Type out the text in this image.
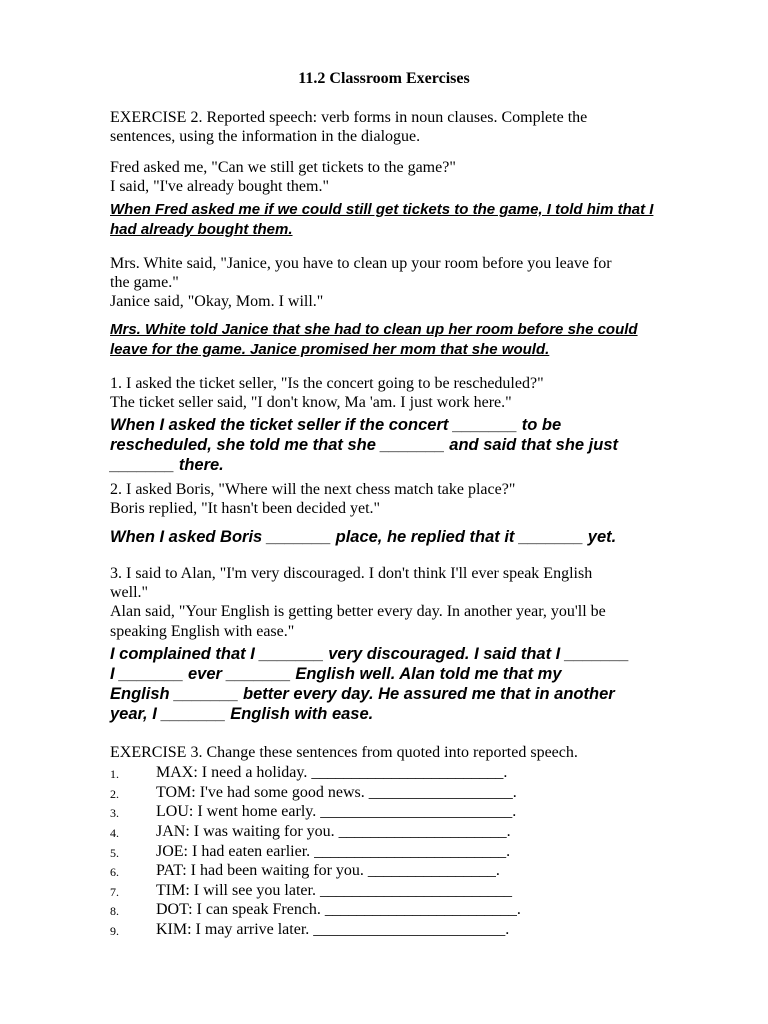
11.2 Classroom Exercises

EXERCISE 2. Reported speech: verb forms in noun clauses. Complete the

sentences, using the information in the dialogue.

Fred asked me, "Can we still get tickets to the game?"

I said, "I've already bought them."

When Fred asked me if we could still get tickets to the game, I told him that I

had already bought them.

Mrs. White said, "Janice, you have to clean up your room before you leave for

the game."

Janice said, "Okay, Mom. I will."

Mrs. White told Janice that she had to clean up her room before she could

leave for the game. Janice promised her mom that she would.

1. I asked the ticket seller, "Is the concert going to be rescheduled?"

The ticket seller said, "I don't know, Ma 'am. I just work here."

When I asked the ticket seller if the concert _______ to be

rescheduled, she told me that she _______ and said that she just

_______ there.

2. I asked Boris, "Where will the next chess match take place?"

Boris replied, "It hasn't been decided yet."

When I asked Boris _______ place, he replied that it _______ yet.

3. I said to Alan, "I'm very discouraged. I don't think I'll ever speak English

well."

Alan said, "Your English is getting better every day. In another year, you'll be

speaking English with ease."

I complained that I _______ very discouraged. I said that I _______

I _______ ever _______ English well. Alan told me that my

English _______ better every day. He assured me that in another

year, I _______ English with ease.

EXERCISE 3. Change these sentences from quoted into reported speech.

1.	MAX: I need a holiday. ________________________.

2.	TOM: I've had some good news. __________________.

3.	LOU: I went home early. ________________________.

4.	JAN: I was waiting for you. _____________________.

5.	JOE: I had eaten earlier. ________________________.

6.	PAT: I had been waiting for you. ________________.

7.	TIM: I will see you later. ________________________

8.	DOT: I can speak French. ________________________.

9.	KIM: I may arrive later. ________________________.
